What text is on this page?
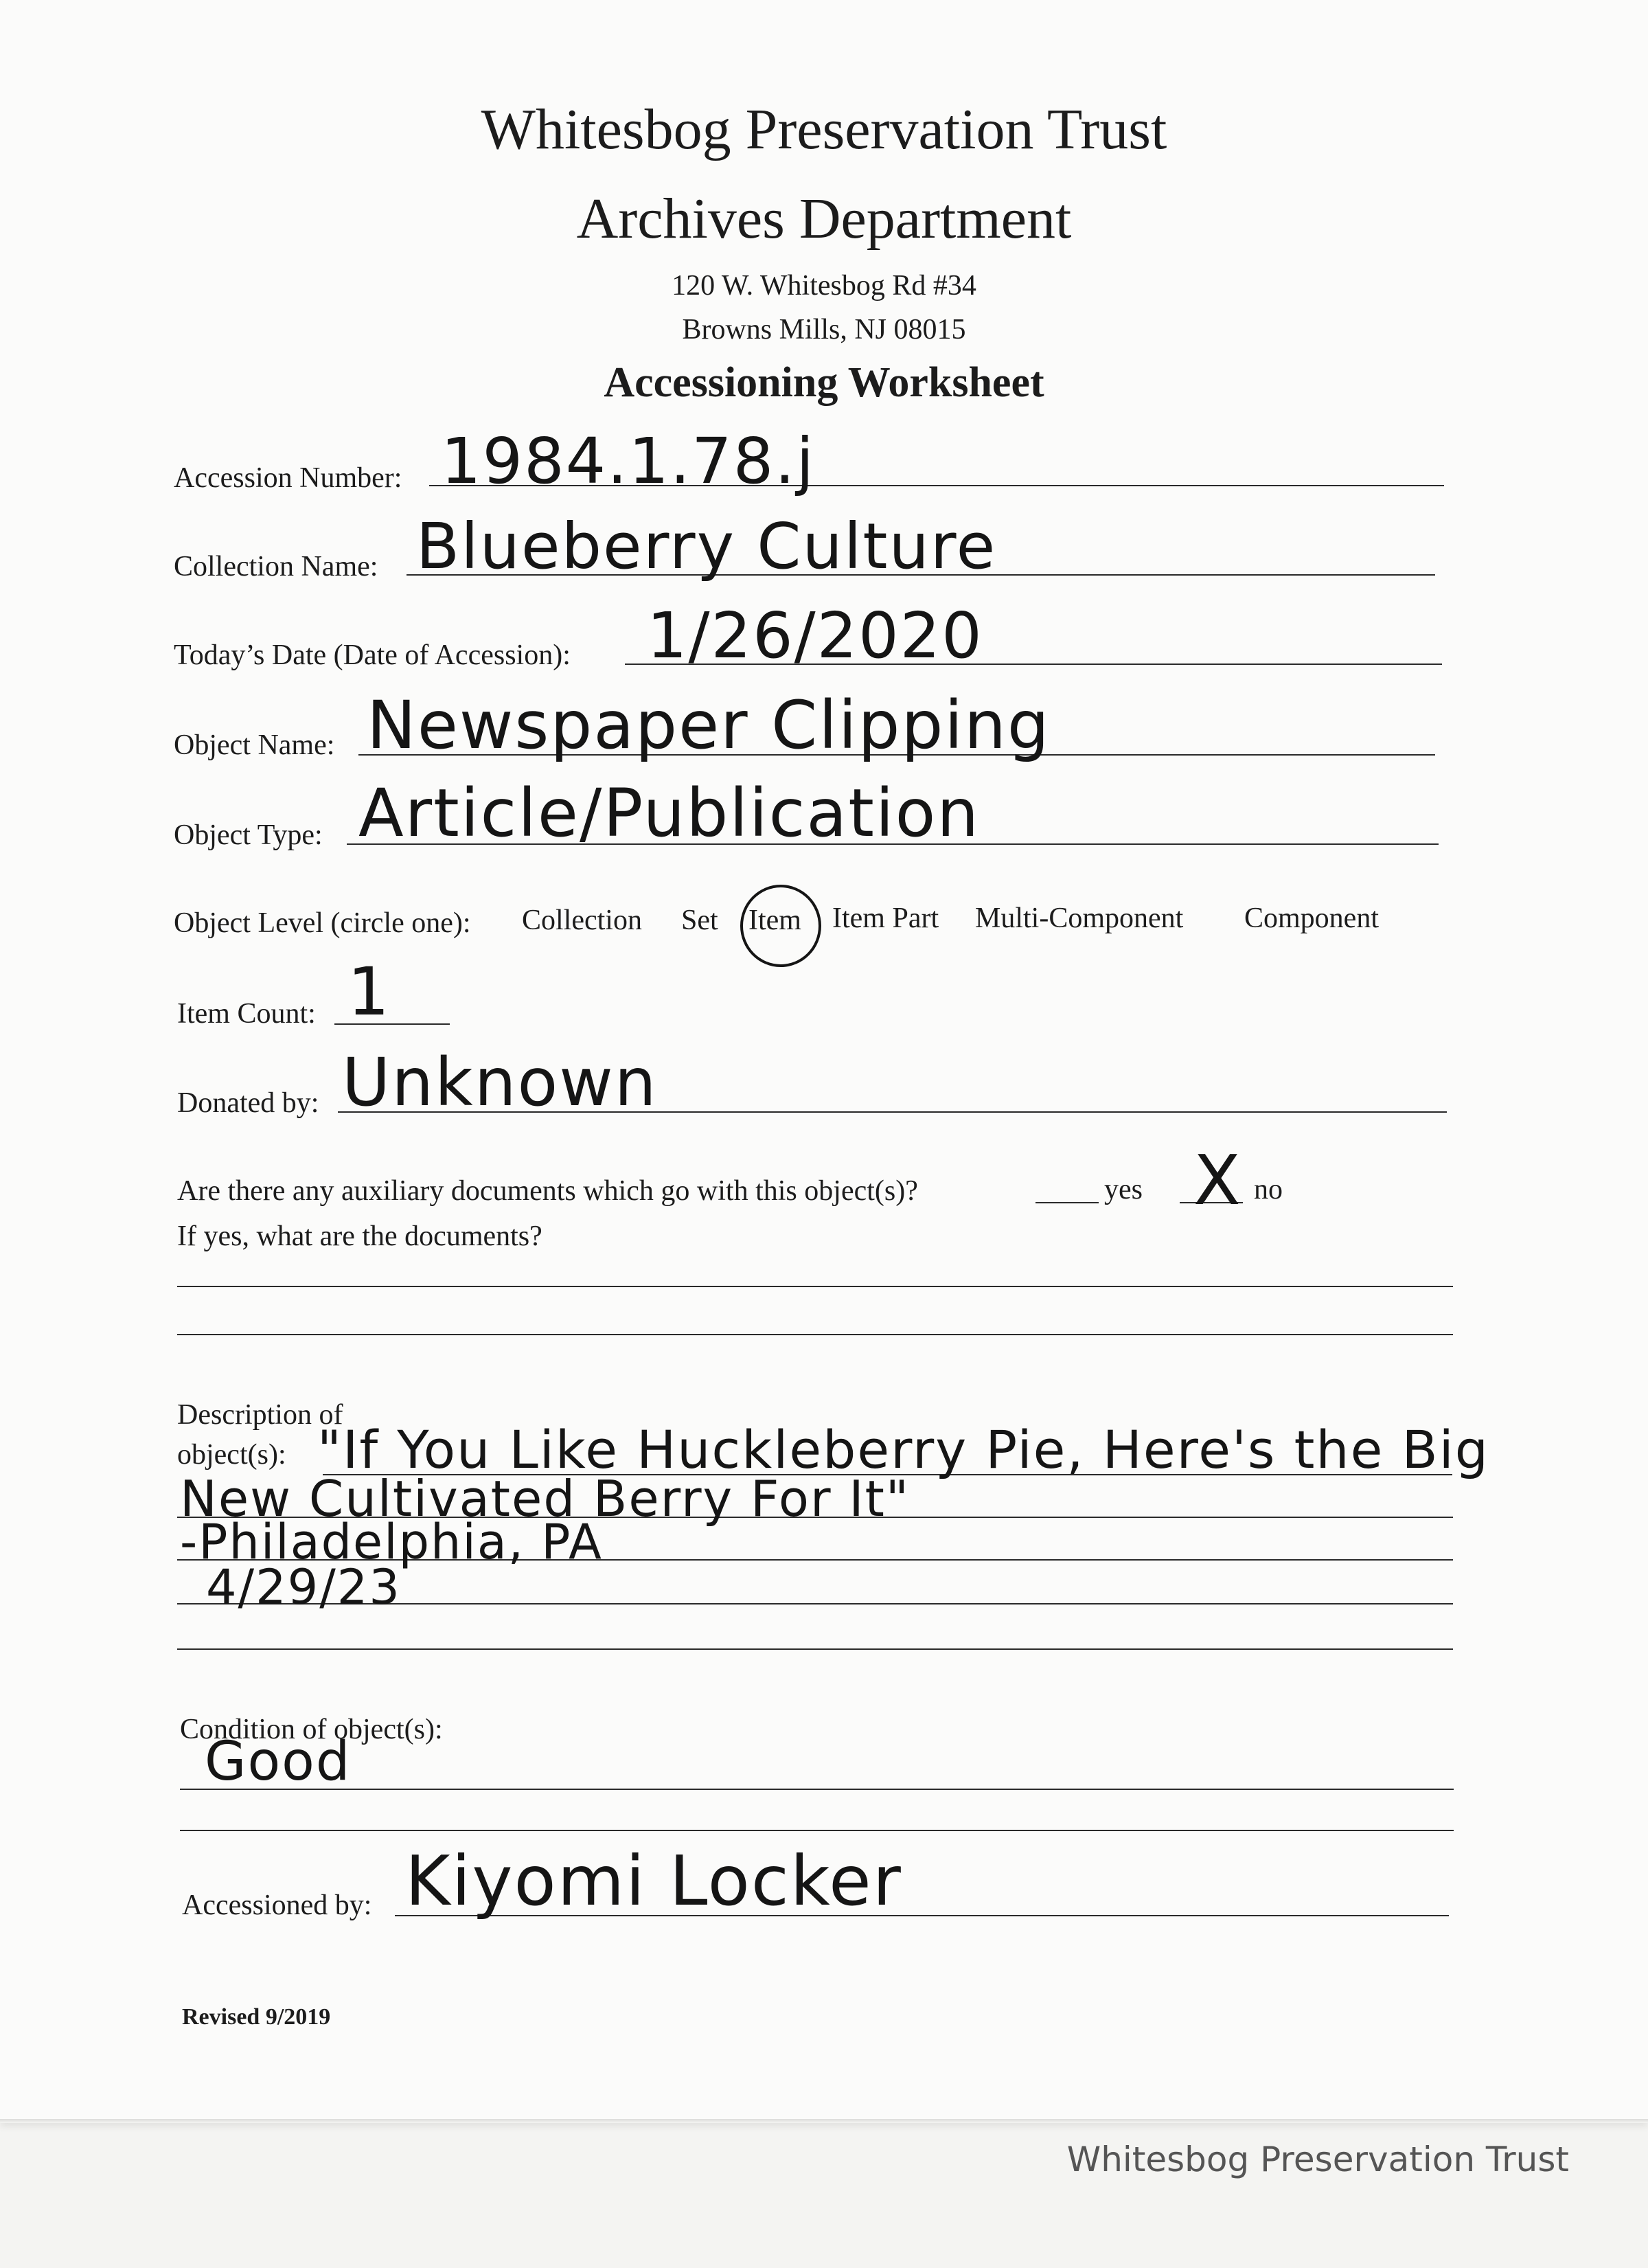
Whitesbog Preservation Trust
Archives Department
120 W. Whitesbog Rd #34
Browns Mills, NJ 08015
Accessioning Worksheet
Accession Number: 1984.1.78.j
Collection Name: Blueberry Culture
Today’s Date (Date of Accession): 1/26/2020
Object Name: Newspaper Clipping
Object Type: Article/Publication
Object Level (circle one): Collection Set Item Item Part Multi-Component Component
Item Count: 1
Donated by: Unknown
Are there any auxiliary documents which go with this object(s)?	yes X no
If yes, what are the documents?
Description of
object(s): "If You Like Huckleberry Pie, Here's the Big
New Cultivated Berry For It"
-Philadelphia, PA
4/29/23
Condition of object(s):
Good
Accessioned by: Kiyomi Locker
Revised 9/2019
Whitesbog Preservation Trust
